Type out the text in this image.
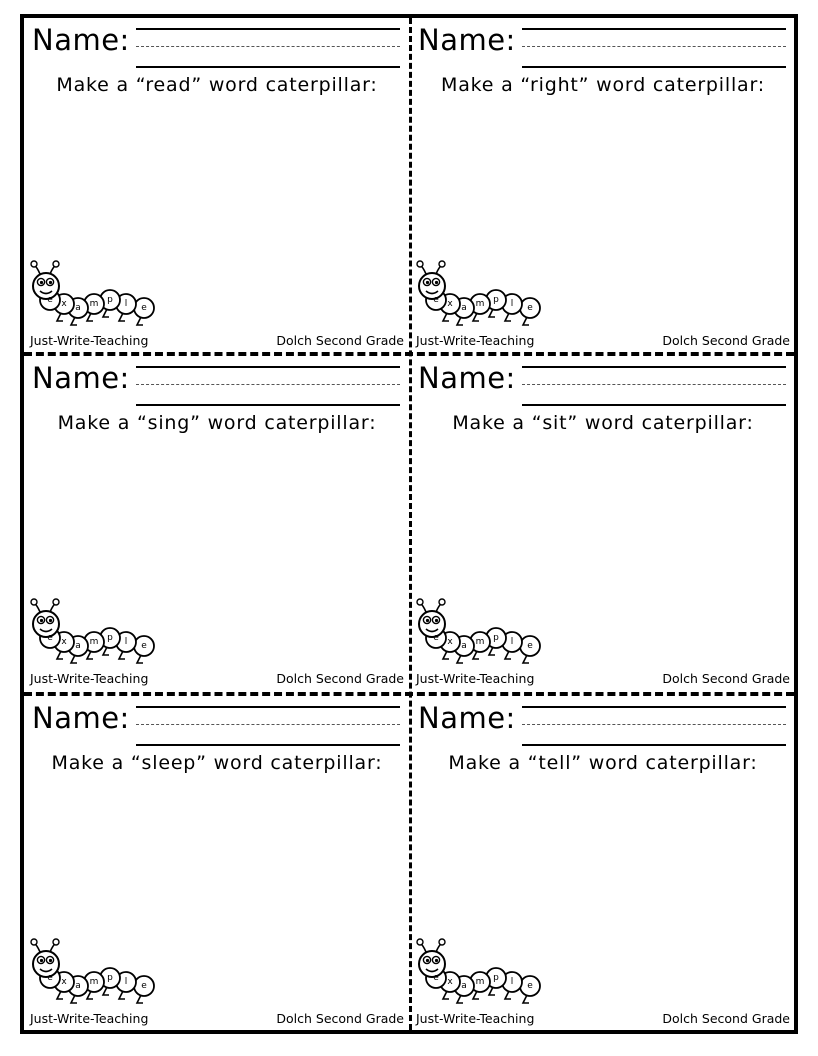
Name:
Make a “read” word caterpillar:
Just-Write-Teaching	Dolch Second Grade
e x a m p l e
Name:
Make a “right” word caterpillar:
Just-Write-Teaching	Dolch Second Grade
e x a m p l e
Name:
Make a “sing” word caterpillar:
Just-Write-Teaching	Dolch Second Grade
e x a m p l e
Name:
Make a “sit” word caterpillar:
Just-Write-Teaching	Dolch Second Grade
e x a m p l e
Name:
Make a “sleep” word caterpillar:
Just-Write-Teaching	Dolch Second Grade
e x a m p l e
Name:
Make a “tell” word caterpillar:
Just-Write-Teaching	Dolch Second Grade
e x a m p l e
